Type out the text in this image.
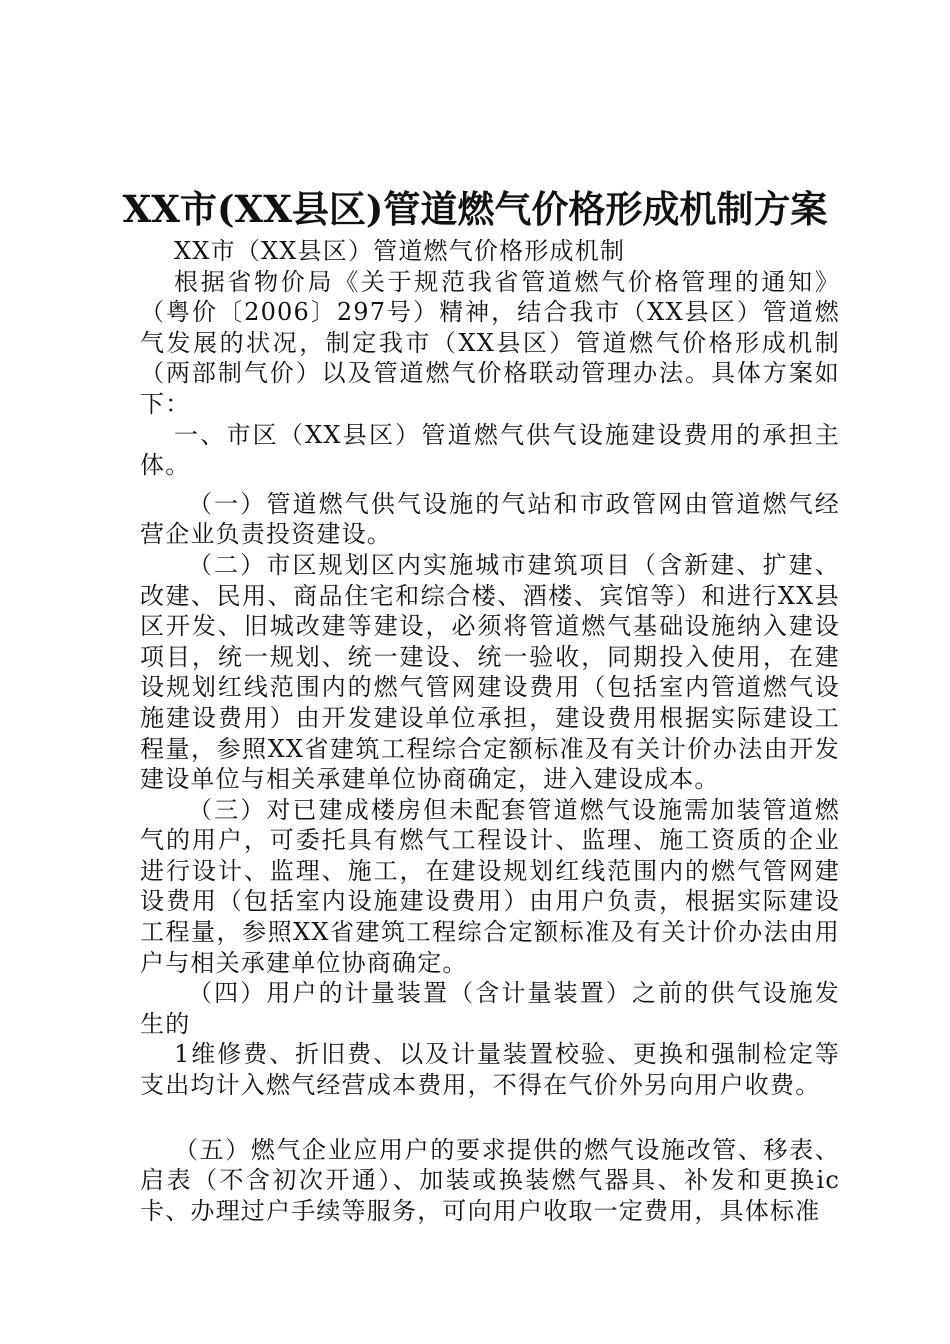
XX市(XX县区)管道燃气价格形成机制方案

XX市（XX县区）管道燃气价格形成机制

根据省物价局《关于规范我省管道燃气价格管理的通知》（粤价〔2006〕297号）精神，结合我市（XX县区）管道燃气发展的状况，制定我市（XX县区）管道燃气价格形成机制（两部制气价）以及管道燃气价格联动管理办法。具体方案如下：

一、市区（XX县区）管道燃气供气设施建设费用的承担主体。

（一）管道燃气供气设施的气站和市政管网由管道燃气经营企业负责投资建设。

（二）市区规划区内实施城市建筑项目（含新建、扩建、改建、民用、商品住宅和综合楼、酒楼、宾馆等）和进行XX县区开发、旧城改建等建设，必须将管道燃气基础设施纳入建设项目，统一规划、统一建设、统一验收，同期投入使用，在建设规划红线范围内的燃气管网建设费用（包括室内管道燃气设施建设费用）由开发建设单位承担，建设费用根据实际建设工程量，参照XX省建筑工程综合定额标准及有关计价办法由开发建设单位与相关承建单位协商确定，进入建设成本。

（三）对已建成楼房但未配套管道燃气设施需加装管道燃气的用户，可委托具有燃气工程设计、监理、施工资质的企业进行设计、监理、施工，在建设规划红线范围内的燃气管网建设费用（包括室内设施建设费用）由用户负责，根据实际建设工程量，参照XX省建筑工程综合定额标准及有关计价办法由用户与相关承建单位协商确定。

（四）用户的计量装置（含计量装置）之前的供气设施发生的

1维修费、折旧费、以及计量装置校验、更换和强制检定等支出均计入燃气经营成本费用，不得在气价外另向用户收费。

（五）燃气企业应用户的要求提供的燃气设施改管、移表、启表（不含初次开通）、加装或换装燃气器具、补发和更换ic卡、办理过户手续等服务，可向用户收取一定费用，具体标准
